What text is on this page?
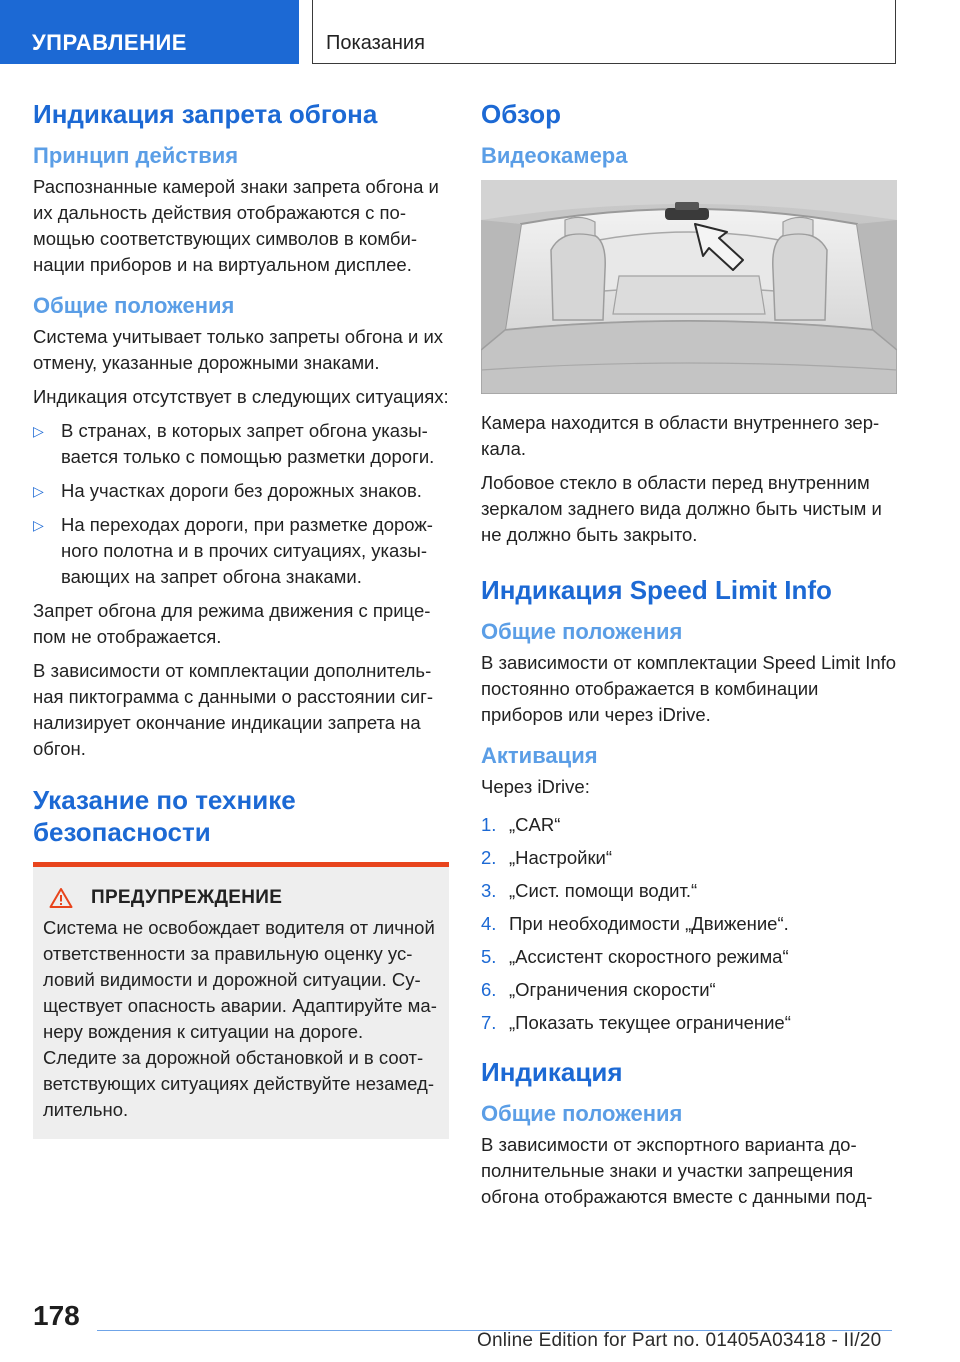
УПРАВЛЕНИЕ	Показания
Индикация запрета обгона
Принцип действия

Распознанные камерой знаки запрета обгона и их дальность действия отображаются с помощью соответствующих символов в комбинации приборов и на виртуальном дисплее.

Общие положения

Система учитывает только запреты обгона и их отмену, указанные дорожными знаками.

Индикация отсутствует в следующих ситуациях:

▷ В странах, в которых запрет обгона указывается только с помощью разметки дороги.
▷ На участках дороги без дорожных знаков.
▷ На переходах дороги, при разметке дорожного полотна и в прочих ситуациях, указывающих на запрет обгона знаками.

Запрет обгона для режима движения с прицепом не отображается.

В зависимости от комплектации дополнительная пиктограмма с данными о расстоянии сигнализирует окончание индикации запрета на обгон.

Указание по технике безопасности
ПРЕДУПРЕЖДЕНИЕ

Система не освобождает водителя от личной ответственности за правильную оценку условий видимости и дорожной ситуации. Существует опасность аварии. Адаптируйте манеру вождения к ситуации на дороге. Следите за дорожной обстановкой и в соответствующих ситуациях действуйте незамедлительно.

Обзор
Видеокамера

Камера находится в области внутреннего зеркала.

Лобовое стекло в области перед внутренним зеркалом заднего вида должно быть чистым и не должно быть закрыто.

Индикация Speed Limit Info
Общие положения

В зависимости от комплектации Speed Limit Info постоянно отображается в комбинации приборов или через iDrive.

Активация

Через iDrive:

1. „CAR“
2. „Настройки“
3. „Сист. помощи водит.“
4. При необходимости „Движение“.
5. „Ассистент скоростного режима“
6. „Ограничения скорости“
7. „Показать текущее ограничение“
Индикация
Общие положения

В зависимости от экспортного варианта дополнительные знаки и участки запрещения обгона отображаются вместе с данными под-

178
Online Edition for Part no. 01405A03418 - II/20
